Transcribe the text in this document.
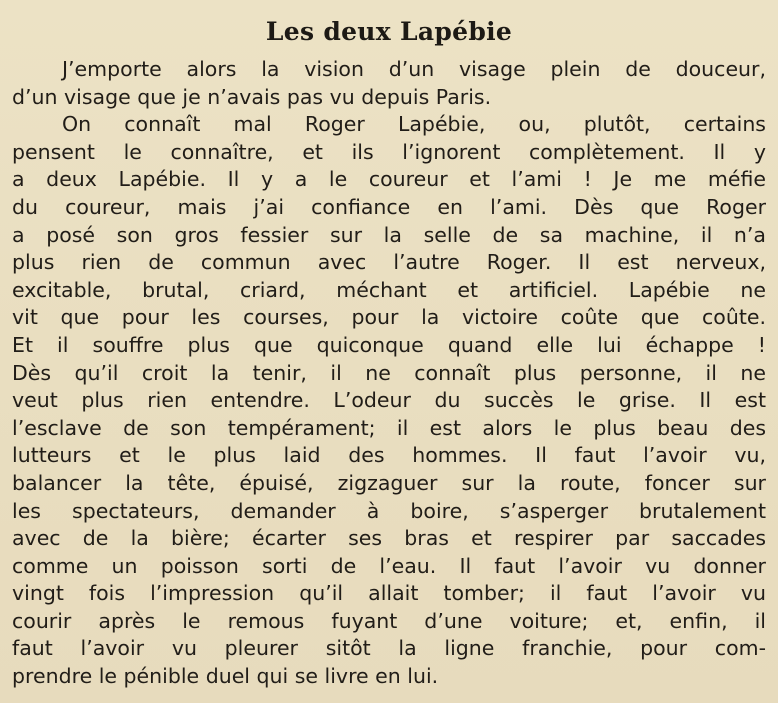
Les deux Lapébie
J’emporte alors la vision d’un visage plein de douceur,
d’un visage que je n’avais pas vu depuis Paris.
On connaît mal Roger Lapébie, ou, plutôt, certains
pensent le connaître, et ils l’ignorent complètement. Il y
a deux Lapébie. Il y a le coureur et l’ami ! Je me méfie
du coureur, mais j’ai confiance en l’ami. Dès que Roger
a posé son gros fessier sur la selle de sa machine, il n’a
plus rien de commun avec l’autre Roger. Il est nerveux,
excitable, brutal, criard, méchant et artificiel. Lapébie ne
vit que pour les courses, pour la victoire coûte que coûte.
Et il souffre plus que quiconque quand elle lui échappe !
Dès qu’il croit la tenir, il ne connaît plus personne, il ne
veut plus rien entendre. L’odeur du succès le grise. Il est
l’esclave de son tempérament; il est alors le plus beau des
lutteurs et le plus laid des hommes. Il faut l’avoir vu,
balancer la tête, épuisé, zigzaguer sur la route, foncer sur
les spectateurs, demander à boire, s’asperger brutalement
avec de la bière; écarter ses bras et respirer par saccades
comme un poisson sorti de l’eau. Il faut l’avoir vu donner
vingt fois l’impression qu’il allait tomber; il faut l’avoir vu
courir après le remous fuyant d’une voiture; et, enfin, il
faut l’avoir vu pleurer sitôt la ligne franchie, pour com-
prendre le pénible duel qui se livre en lui.
